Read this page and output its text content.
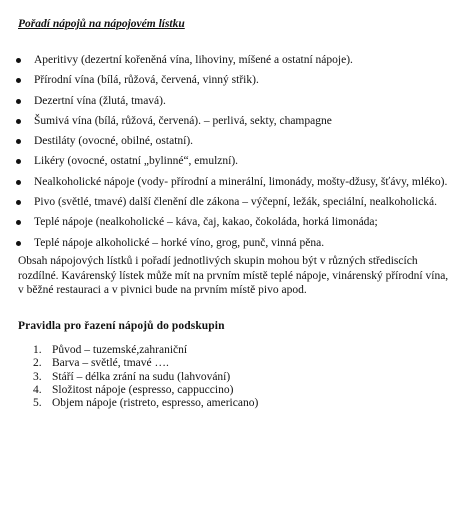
Pořadí nápojů na nápojovém lístku
Aperitivy (dezertní kořeněná vína, lihoviny, míšené a ostatní nápoje).
Přírodní vína (bílá, růžová, červená, vinný střik).
Dezertní vína (žlutá, tmavá).
Šumivá vína (bílá, růžová, červená). – perlivá, sekty, champagne
Destiláty (ovocné, obilné, ostatní).
Likéry (ovocné, ostatní „bylinné“, emulzní).
Nealkoholické nápoje (vody- přírodní a minerální, limonády, mošty-džusy, šťávy, mléko).
Pivo (světlé, tmavé) další členění dle zákona – výčepní, ležák, speciální, nealkoholická.
Teplé nápoje (nealkoholické – káva, čaj, kakao, čokoláda, horká limonáda;
Teplé nápoje alkoholické – horké víno, grog, punč, vinná pěna.

Obsah nápojových lístků i pořadí jednotlivých skupin mohou být v různých střediscích
rozdílné. Kavárenský lístek může mít na prvním místě teplé nápoje, vinárenský přírodní vína,
v běžné restauraci a v pivnici bude na prvním místě pivo apod.

Pravidla pro řazení nápojů do podskupin
1. Původ – tuzemské,zahraniční
2. Barva – světlé, tmavé ….
3. Stáří – délka zrání na sudu (lahvování)
4. Složitost nápoje (espresso, cappuccino)
5. Objem nápoje (ristreto, espresso, americano)
